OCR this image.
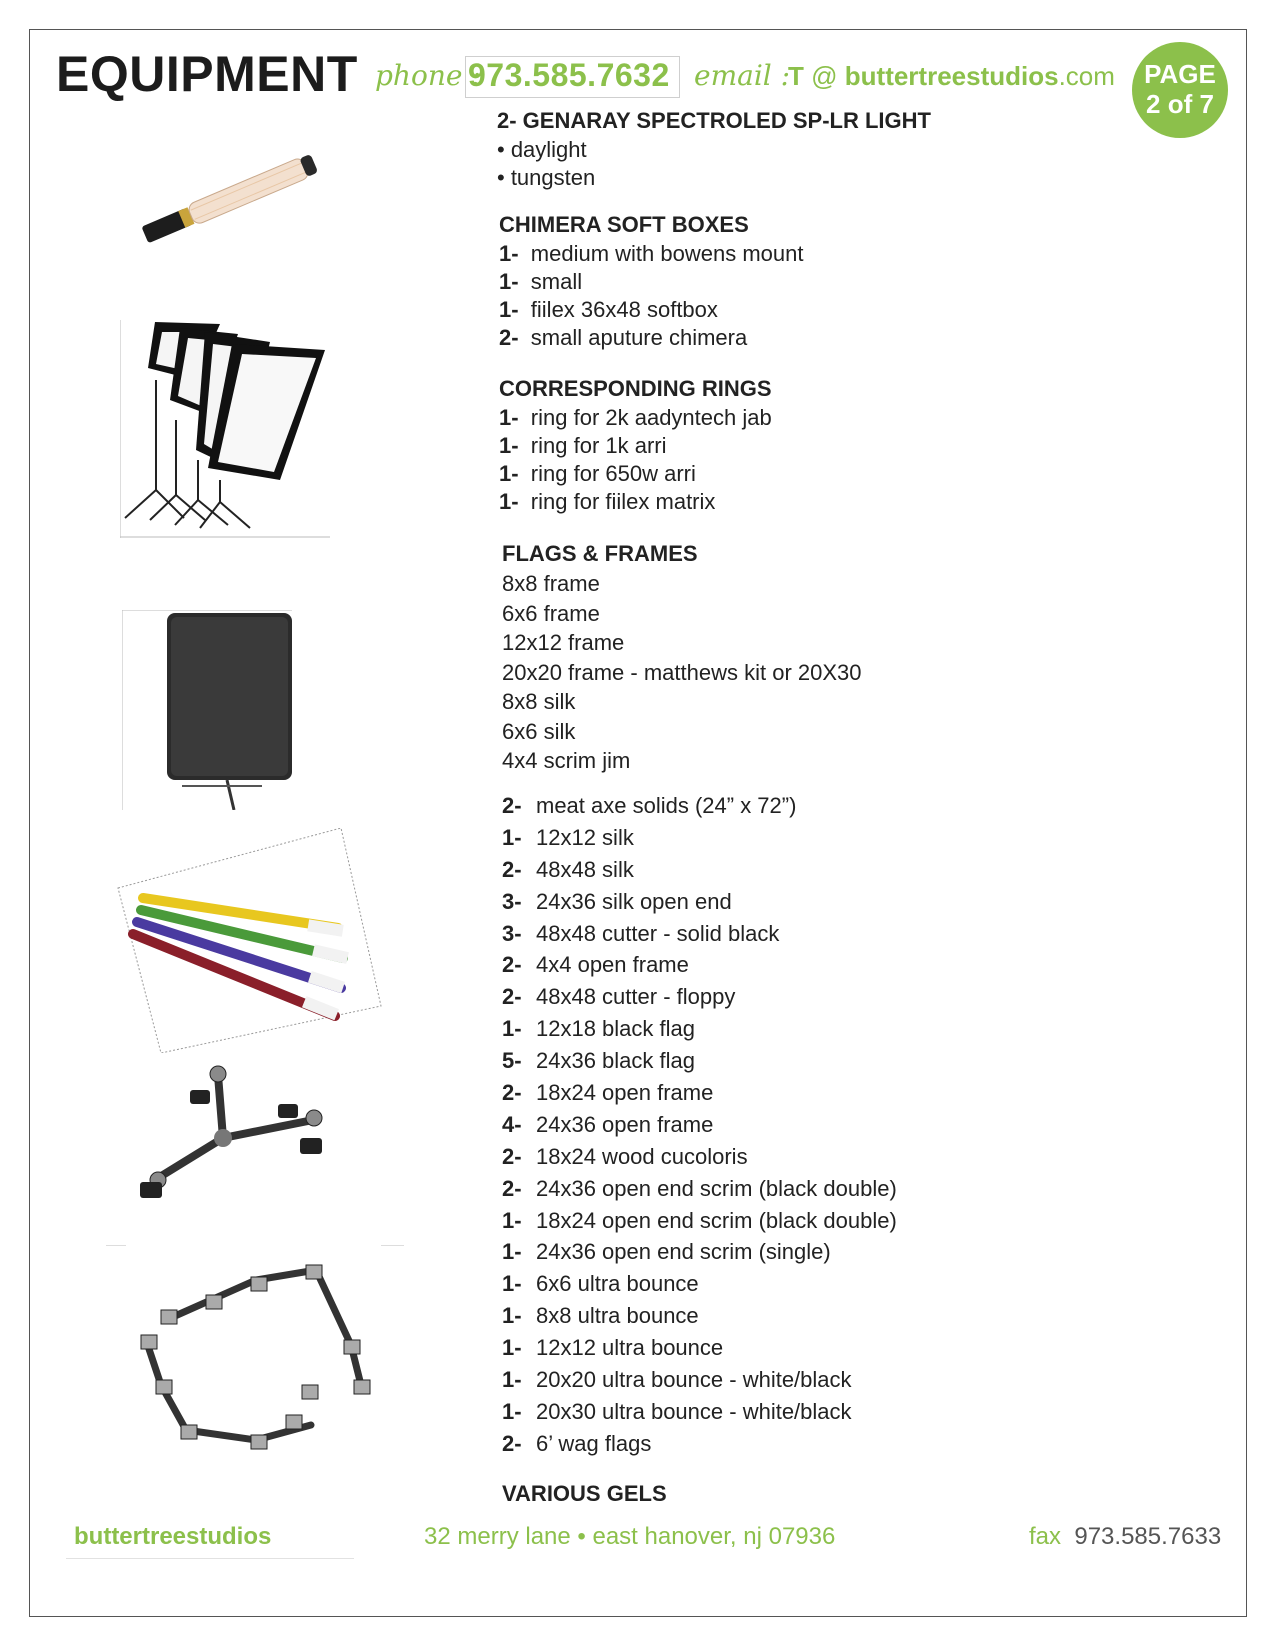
EQUIPMENT phone :
973.585.7632 email :
T @ buttertreestudios.com	PAGE
2 of 7
2- GENARAY SPECTROLED SP-LR LIGHT
• daylight
• tungsten
CHIMERA SOFT BOXES
1- medium with bowens mount
1- small
1- fiilex 36x48 softbox
2- small aputure chimera
CORRESPONDING RINGS
1- ring for 2k aadyntech jab
1- ring for 1k arri
1- ring for 650w arri
1- ring for fiilex matrix
FLAGS & FRAMES
8x8 frame
6x6 frame
12x12 frame
20x20 frame - matthews kit or 20X30
8x8 silk
6x6 silk
4x4 scrim jim
2- meat axe solids (24” x 72”)
1- 12x12 silk
2- 48x48 silk
3- 24x36 silk open end
3- 48x48 cutter - solid black
2- 4x4 open frame
2- 48x48 cutter - floppy
1- 12x18 black flag
5- 24x36 black flag
2- 18x24 open frame
4- 24x36 open frame
2- 18x24 wood cucoloris
2- 24x36 open end scrim (black double)
1- 18x24 open end scrim (black double)
1- 24x36 open end scrim (single)
1- 6x6 ultra bounce
1- 8x8 ultra bounce
1- 12x12 ultra bounce
1- 20x20 ultra bounce - white/black
1- 20x30 ultra bounce - white/black
2- 6’ wag flags
VARIOUS GELS
buttertreestudios	32 merry lane • east hanover, nj 07936	fax 973.585.7633
